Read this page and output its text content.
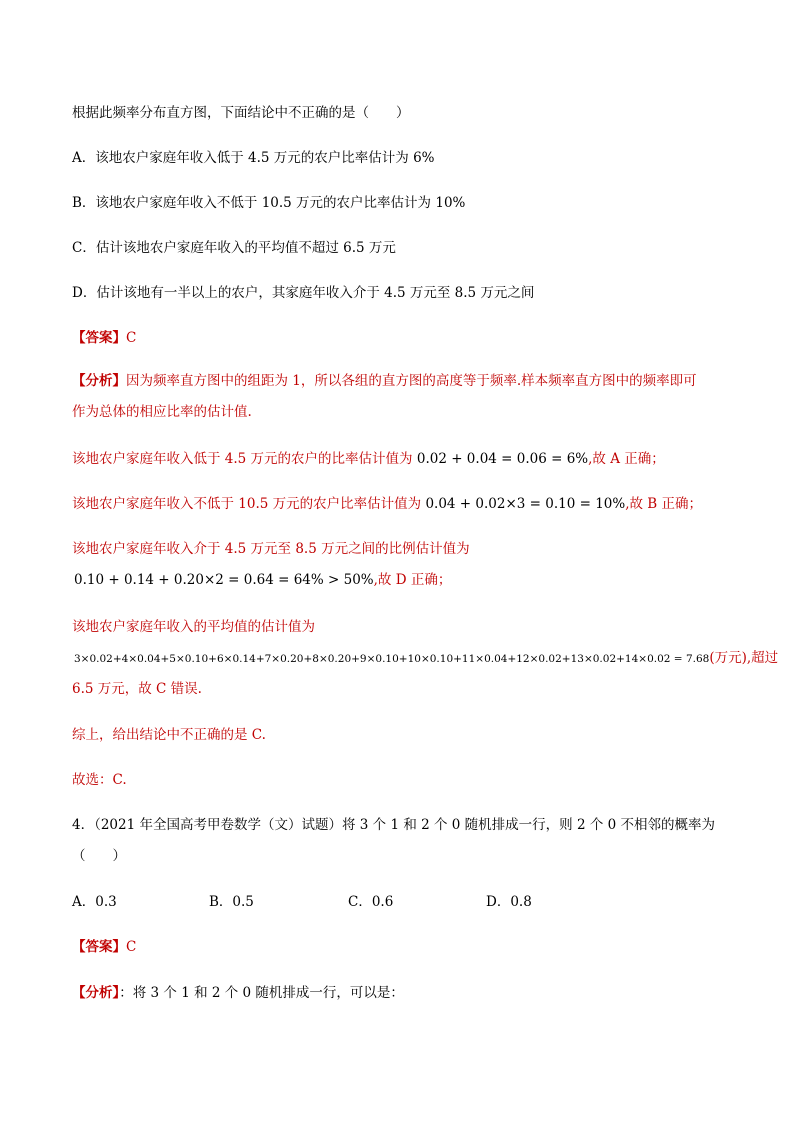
根据此频率分布直方图，下面结论中不正确的是（　　）
A．该地农户家庭年收入低于 4.5 万元的农户比率估计为 6%
B．该地农户家庭年收入不低于 10.5 万元的农户比率估计为 10%
C．估计该地农户家庭年收入的平均值不超过 6.5 万元
D．估计该地有一半以上的农户，其家庭年收入介于 4.5 万元至 8.5 万元之间
【答案】C
【分析】因为频率直方图中的组距为 1，所以各组的直方图的高度等于频率.样本频率直方图中的频率即可
作为总体的相应比率的估计值.
该地农户家庭年收入低于 4.5 万元的农户的比率估计值为 0.02 + 0.04 = 0.06 = 6%,故 A 正确；
该地农户家庭年收入不低于 10.5 万元的农户比率估计值为 0.04 + 0.02×3 = 0.10 = 10%,故 B 正确；
该地农户家庭年收入介于 4.5 万元至 8.5 万元之间的比例估计值为
0.10 + 0.14 + 0.20×2 = 0.64 = 64% > 50%,故 D 正确；
该地农户家庭年收入的平均值的估计值为
3×0.02+4×0.04+5×0.10+6×0.14+7×0.20+8×0.20+9×0.10+10×0.10+11×0.04+12×0.02+13×0.02+14×0.02 = 7.68(万元),超过
6.5 万元，故 C 错误.
综上，给出结论中不正确的是 C.
故选：C.
4．（2021 年全国高考甲卷数学（文）试题）将 3 个 1 和 2 个 0 随机排成一行，则 2 个 0 不相邻的概率为
（　　）
A．0.3	B．0.5	C．0.6	D．0.8
【答案】C
【分析】：将 3 个 1 和 2 个 0 随机排成一行，可以是：
